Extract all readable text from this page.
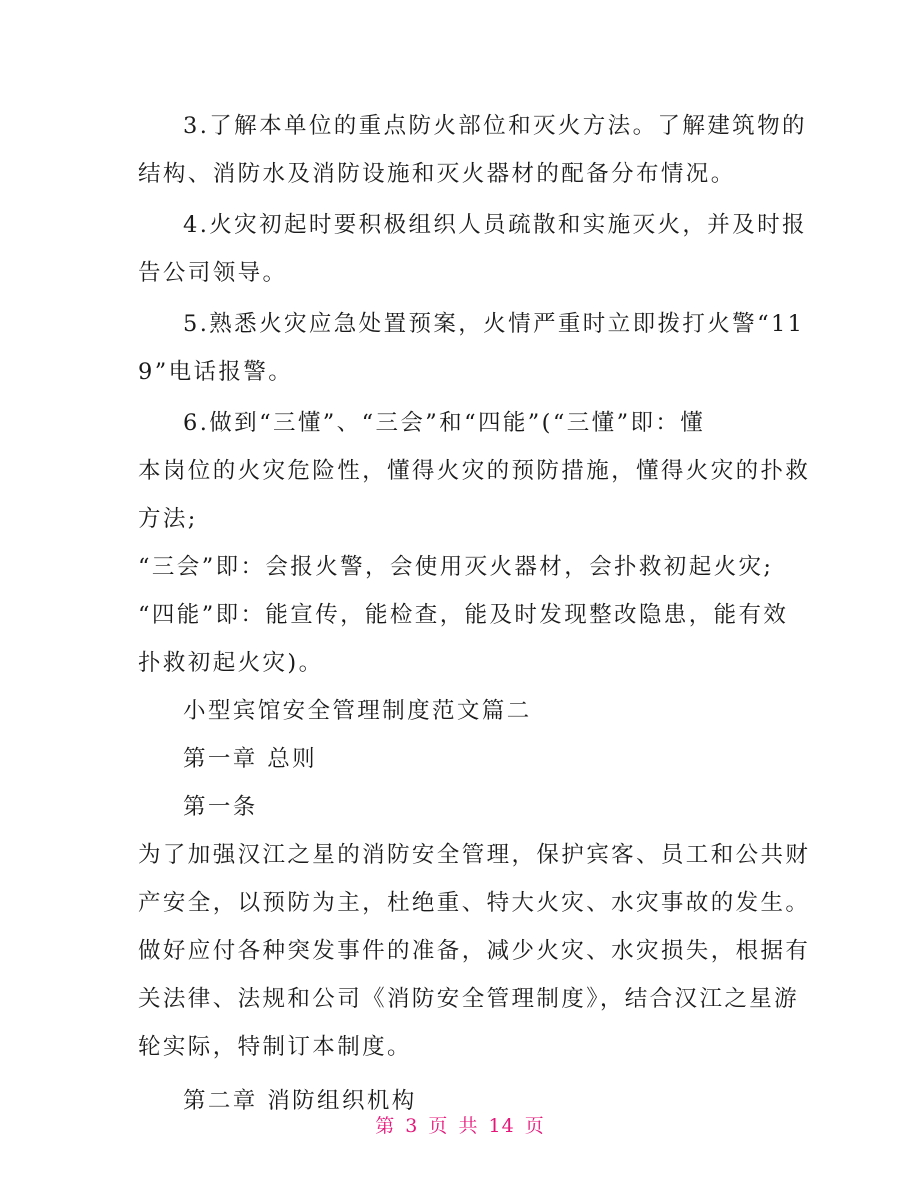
3.了解本单位的重点防火部位和灭火方法。了解建筑物的

结构、消防水及消防设施和灭火器材的配备分布情况。

4.火灾初起时要积极组织人员疏散和实施灭火，并及时报

告公司领导。

5.熟悉火灾应急处置预案，火情严重时立即拨打火警“11

9”电话报警。

6.做到“三懂”、“三会”和“四能”(“三懂”即：懂

本岗位的火灾危险性，懂得火灾的预防措施，懂得火灾的扑救

方法;

“三会”即：会报火警，会使用灭火器材，会扑救初起火灾;

“四能”即：能宣传，能检查，能及时发现整改隐患，能有效

扑救初起火灾)。

小型宾馆安全管理制度范文篇二

第一章 总则

第一条

为了加强汉江之星的消防安全管理，保护宾客、员工和公共财

产安全，以预防为主，杜绝重、特大火灾、水灾事故的发生。

做好应付各种突发事件的准备，减少火灾、水灾损失，根据有

关法律、法规和公司《消防安全管理制度》，结合汉江之星游

轮实际，特制订本制度。

第二章 消防组织机构

第 3 页 共 14 页
